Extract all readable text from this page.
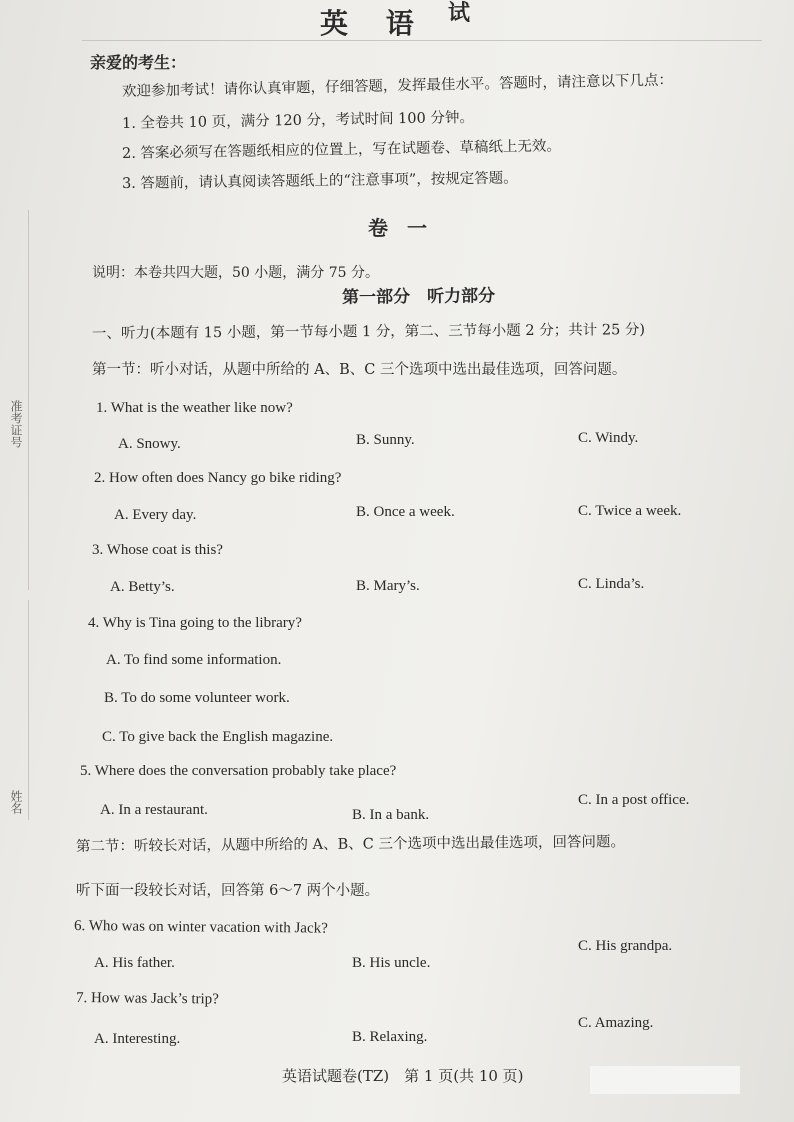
准考证号
姓名
英 语 试
亲爱的考生：
欢迎参加考试！请你认真审题，仔细答题，发挥最佳水平。答题时，请注意以下几点：
1. 全卷共 10 页，满分 120 分，考试时间 100 分钟。
2. 答案必须写在答题纸相应的位置上，写在试题卷、草稿纸上无效。
3. 答题前，请认真阅读答题纸上的“注意事项”，按规定答题。
卷 一
说明：本卷共四大题，50 小题，满分 75 分。
第一部分　听力部分
一、听力(本题有 15 小题，第一节每小题 1 分，第二、三节每小题 2 分；共计 25 分)
第一节：听小对话，从题中所给的 A、B、C 三个选项中选出最佳选项，回答问题。
1. What is the weather like now?
A. Snowy.	B. Sunny.	C. Windy.
2. How often does Nancy go bike riding?
A. Every day.	B. Once a week.	C. Twice a week.
3. Whose coat is this?
A. Betty’s.	B. Mary’s.	C. Linda’s.
4. Why is Tina going to the library?
A. To find some information.
B. To do some volunteer work.
C. To give back the English magazine.
5. Where does the conversation probably take place?
A. In a restaurant.	B. In a bank.
C. In a post office.
第二节：听较长对话，从题中所给的 A、B、C 三个选项中选出最佳选项，回答问题。
听下面一段较长对话，回答第 6～7 两个小题。
6. Who was on winter vacation with Jack?
A. His father.	B. His uncle.
C. His grandpa.
7. How was Jack’s trip?
A. Interesting.	B. Relaxing.
C. Amazing.
英语试题卷(TZ)　第 1 页(共 10 页)
